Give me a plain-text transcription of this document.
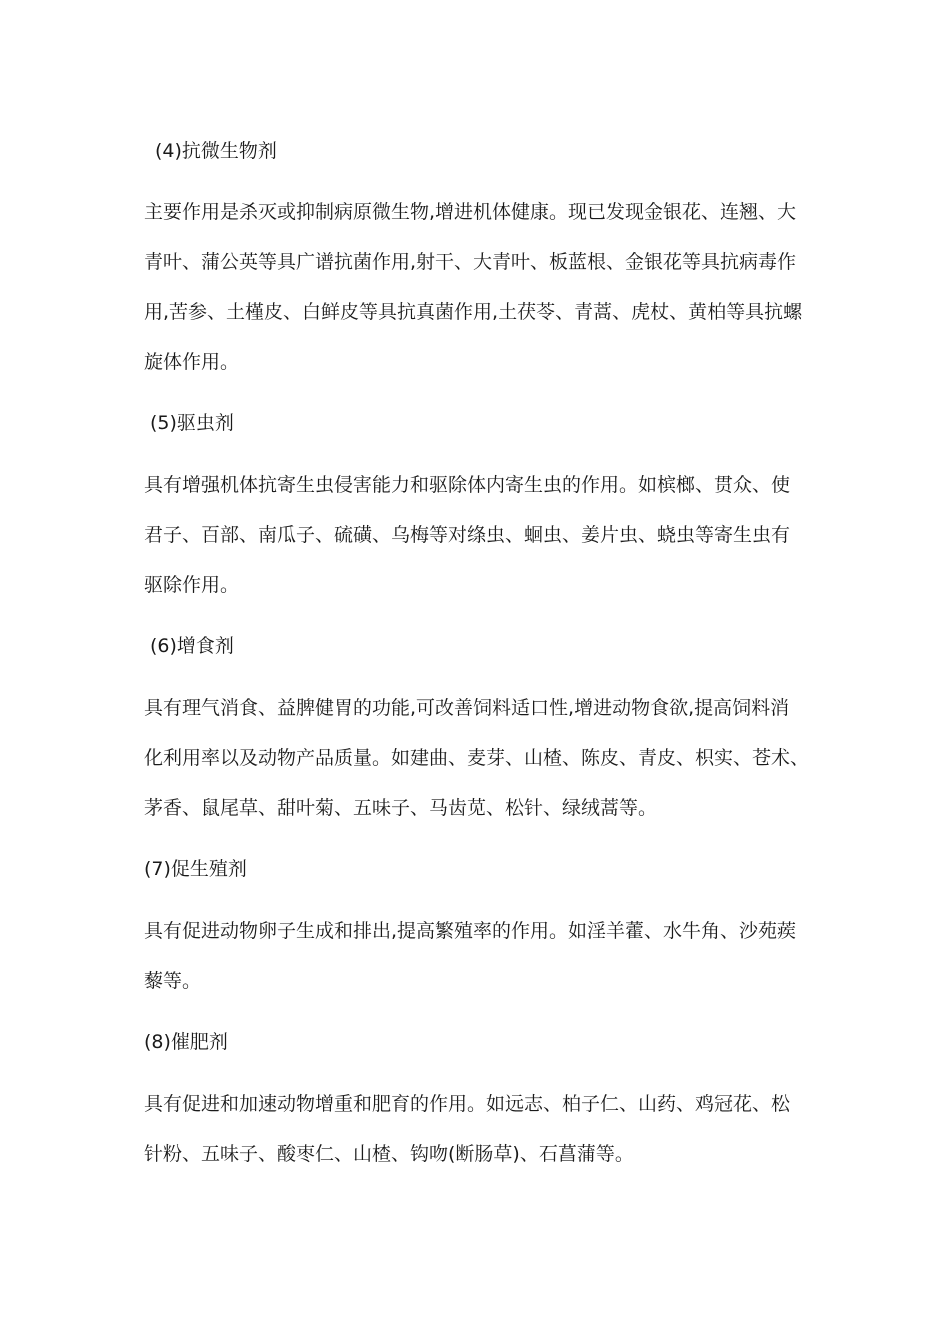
(4)抗微生物剂
主要作用是杀灭或抑制病原微生物,增进机体健康。现已发现金银花、连翘、大
青叶、蒲公英等具广谱抗菌作用,射干、大青叶、板蓝根、金银花等具抗病毒作
用,苦参、土槿皮、白鲜皮等具抗真菌作用,土茯苓、青蒿、虎杖、黄柏等具抗螺
旋体作用。
(5)驱虫剂
具有增强机体抗寄生虫侵害能力和驱除体内寄生虫的作用。如槟榔、贯众、使
君子、百部、南瓜子、硫磺、乌梅等对绦虫、蛔虫、姜片虫、蛲虫等寄生虫有
驱除作用。
(6)增食剂
具有理气消食、益脾健胃的功能,可改善饲料适口性,增进动物食欲,提高饲料消
化利用率以及动物产品质量。如建曲、麦芽、山楂、陈皮、青皮、枳实、苍术、
茅香、鼠尾草、甜叶菊、五味子、马齿苋、松针、绿绒蒿等。
(7)促生殖剂
具有促进动物卵子生成和排出,提高繁殖率的作用。如淫羊藿、水牛角、沙苑蒺
藜等。
(8)催肥剂
具有促进和加速动物增重和肥育的作用。如远志、柏子仁、山药、鸡冠花、松
针粉、五味子、酸枣仁、山楂、钩吻(断肠草)、石菖蒲等。
